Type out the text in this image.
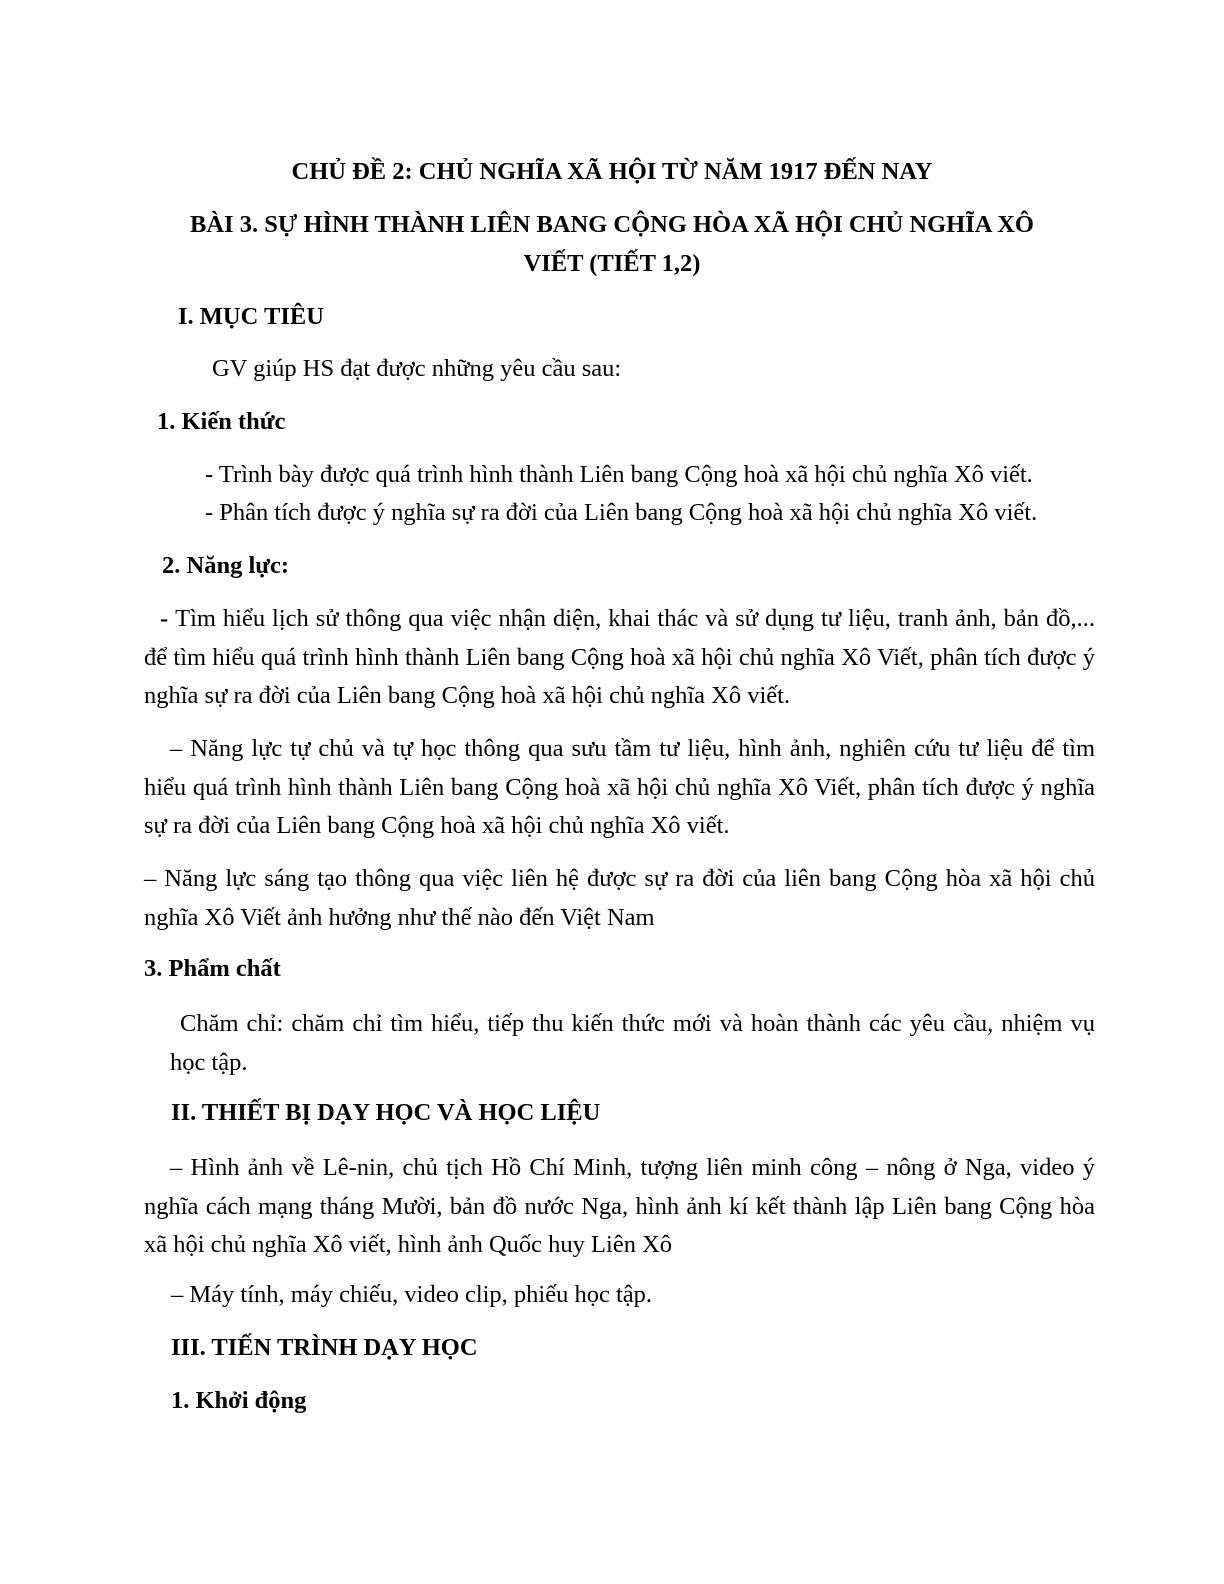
CHỦ ĐỀ 2: CHỦ NGHĨA XÃ HỘI TỪ NĂM 1917 ĐẾN NAY
BÀI 3. SỰ HÌNH THÀNH LIÊN BANG CỘNG HÒA XÃ HỘI CHỦ NGHĨA XÔ
VIẾT (TIẾT 1,2)
I. MỤC TIÊU
GV giúp HS đạt được những yêu cầu sau:
1. Kiến thức
- Trình bày được quá trình hình thành Liên bang Cộng hoà xã hội chủ nghĩa Xô viết.
- Phân tích được ý nghĩa sự ra đời của Liên bang Cộng hoà xã hội chủ nghĩa Xô viết.
2. Năng lực:
- Tìm hiểu lịch sử thông qua việc nhận diện, khai thác và sử dụng tư liệu, tranh ảnh, bản đồ,... để tìm hiểu quá trình hình thành Liên bang Cộng hoà xã hội chủ nghĩa Xô Viết, phân tích được ý nghĩa sự ra đời của Liên bang Cộng hoà xã hội chủ nghĩa Xô viết.
– Năng lực tự chủ và tự học thông qua sưu tầm tư liệu, hình ảnh, nghiên cứu tư liệu để tìm hiểu quá trình hình thành Liên bang Cộng hoà xã hội chủ nghĩa Xô Viết, phân tích được ý nghĩa sự ra đời của Liên bang Cộng hoà xã hội chủ nghĩa Xô viết.
– Năng lực sáng tạo thông qua việc liên hệ được sự ra đời của liên bang Cộng hòa xã hội chủ nghĩa Xô Viết ảnh hưởng như thế nào đến Việt Nam
3. Phẩm chất
Chăm chỉ: chăm chỉ tìm hiểu, tiếp thu kiến thức mới và hoàn thành các yêu cầu, nhiệm vụ học tập.
II. THIẾT BỊ DẠY HỌC VÀ HỌC LIỆU
– Hình ảnh về Lê-nin, chủ tịch Hồ Chí Minh, tượng liên minh công – nông ở Nga, video ý nghĩa cách mạng tháng Mười, bản đồ nước Nga, hình ảnh kí kết thành lập Liên bang Cộng hòa xã hội chủ nghĩa Xô viết, hình ảnh Quốc huy Liên Xô
– Máy tính, máy chiếu, video clip, phiếu học tập.
III. TIẾN TRÌNH DẠY HỌC
1. Khởi động
